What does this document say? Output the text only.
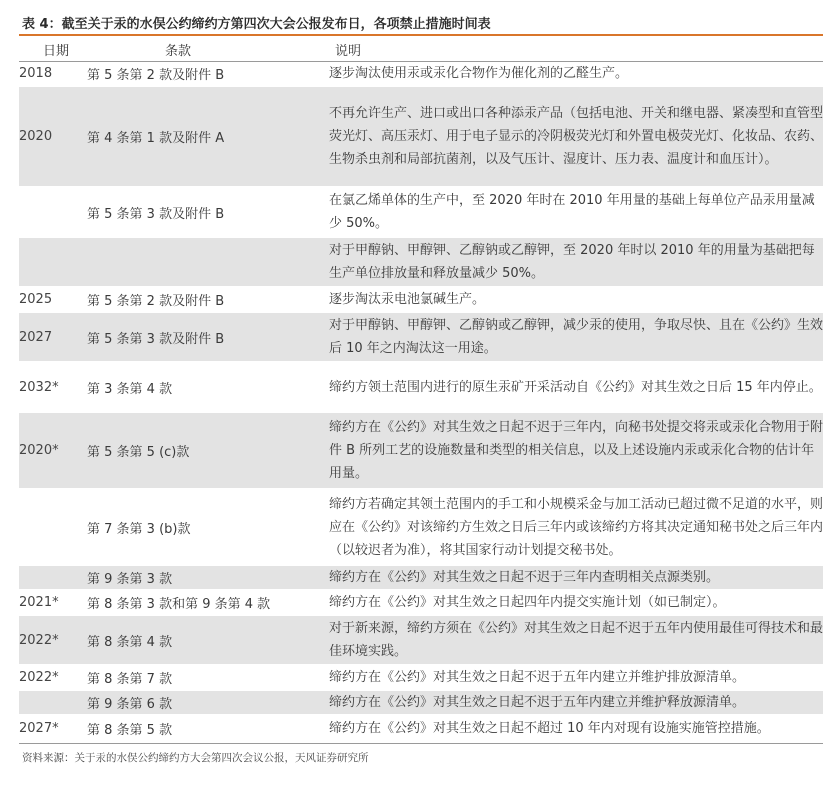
表 4：截至关于汞的水俣公约缔约方第四次大会公报发布日，各项禁止措施时间表
日期	条款	说明
2018	第 5 条第 2 款及附件 B	逐步淘汰使用汞或汞化合物作为催化剂的乙醛生产。
2020	第 4 条第 1 款及附件 A	不再允许生产、进口或出口各种添汞产品（包括电池、开关和继电器、紧凑型和直管型荧光灯、高压汞灯、用于电子显示的冷阴极荧光灯和外置电极荧光灯、化妆品、农药、生物杀虫剂和局部抗菌剂，以及气压计、湿度计、压力表、温度计和血压计）。
	第 5 条第 3 款及附件 B	在氯乙烯单体的生产中，至 2020 年时在 2010 年用量的基础上每单位产品汞用量减少 50%。
		对于甲醇钠、甲醇钾、乙醇钠或乙醇钾，至 2020 年时以 2010 年的用量为基础把每生产单位排放量和释放量减少 50%。
2025	第 5 条第 2 款及附件 B	逐步淘汰汞电池氯碱生产。
2027	第 5 条第 3 款及附件 B	对于甲醇钠、甲醇钾、乙醇钠或乙醇钾，减少汞的使用，争取尽快、且在《公约》生效后 10 年之内淘汰这一用途。
2032*	第 3 条第 4 款	缔约方领土范围内进行的原生汞矿开采活动自《公约》对其生效之日后 15 年内停止。
2020*	第 5 条第 5 (c)款	缔约方在《公约》对其生效之日起不迟于三年内，向秘书处提交将汞或汞化合物用于附件 B 所列工艺的设施数量和类型的相关信息，以及上述设施内汞或汞化合物的估计年用量。
	第 7 条第 3 (b)款	缔约方若确定其领土范围内的手工和小规模采金与加工活动已超过微不足道的水平，则应在《公约》对该缔约方生效之日后三年内或该缔约方将其决定通知秘书处之后三年内（以较迟者为准），将其国家行动计划提交秘书处。
	第 9 条第 3 款	缔约方在《公约》对其生效之日起不迟于三年内查明相关点源类别。
2021*	第 8 条第 3 款和第 9 条第 4 款	缔约方在《公约》对其生效之日起四年内提交实施计划（如已制定）。
2022*	第 8 条第 4 款	对于新来源，缔约方须在《公约》对其生效之日起不迟于五年内使用最佳可得技术和最佳环境实践。
2022*	第 8 条第 7 款	缔约方在《公约》对其生效之日起不迟于五年内建立并维护排放源清单。
	第 9 条第 6 款	缔约方在《公约》对其生效之日起不迟于五年内建立并维护释放源清单。
2027*	第 8 条第 5 款	缔约方在《公约》对其生效之日起不超过 10 年内对现有设施实施管控措施。
资料来源：关于汞的水俣公约缔约方大会第四次会议公报，天风证券研究所
